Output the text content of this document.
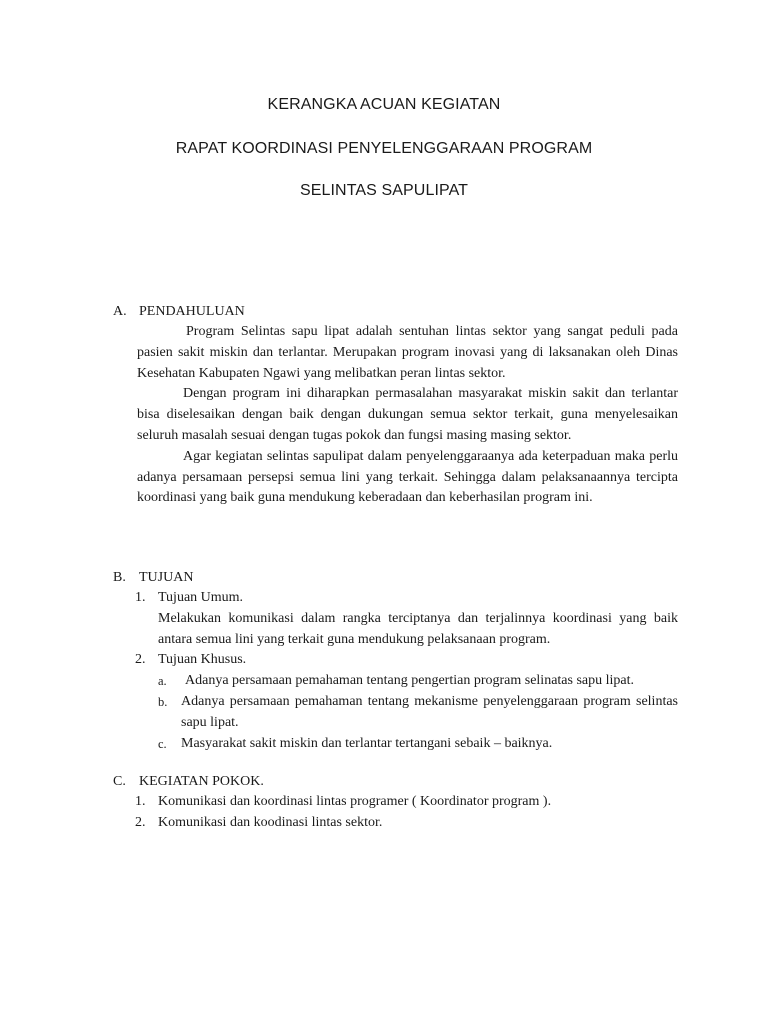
KERANGKA ACUAN KEGIATAN
RAPAT KOORDINASI PENYELENGGARAAN PROGRAM
SELINTAS SAPULIPAT
A. PENDAHULUAN

Program Selintas sapu lipat adalah sentuhan lintas sektor yang sangat peduli pada pasien sakit miskin dan terlantar. Merupakan program inovasi yang di laksanakan oleh Dinas Kesehatan Kabupaten Ngawi yang melibatkan peran lintas sektor.

Dengan program ini diharapkan permasalahan masyarakat miskin sakit dan terlantar bisa diselesaikan dengan baik dengan dukungan semua sektor terkait, guna menyelesaikan seluruh masalah sesuai dengan tugas pokok dan fungsi masing masing sektor.

Agar kegiatan selintas sapulipat dalam penyelenggaraanya ada keterpaduan maka perlu adanya persamaan persepsi semua lini yang terkait. Sehingga dalam pelaksanaannya tercipta koordinasi yang baik guna mendukung keberadaan dan keberhasilan program ini.

B. TUJUAN
1. Tujuan Umum.
Melakukan komunikasi dalam rangka terciptanya dan terjalinnya koordinasi yang baik antara semua lini yang terkait guna mendukung pelaksanaan program.
2. Tujuan Khusus.
a. Adanya persamaan pemahaman tentang pengertian program selinatas sapu lipat.
b. Adanya persamaan pemahaman tentang mekanisme penyelenggaraan program selintas sapu lipat.
c. Masyarakat sakit miskin dan terlantar tertangani sebaik – baiknya.
C. KEGIATAN POKOK.
1. Komunikasi dan koordinasi lintas programer ( Koordinator program ).
2. Komunikasi dan koodinasi lintas sektor.
